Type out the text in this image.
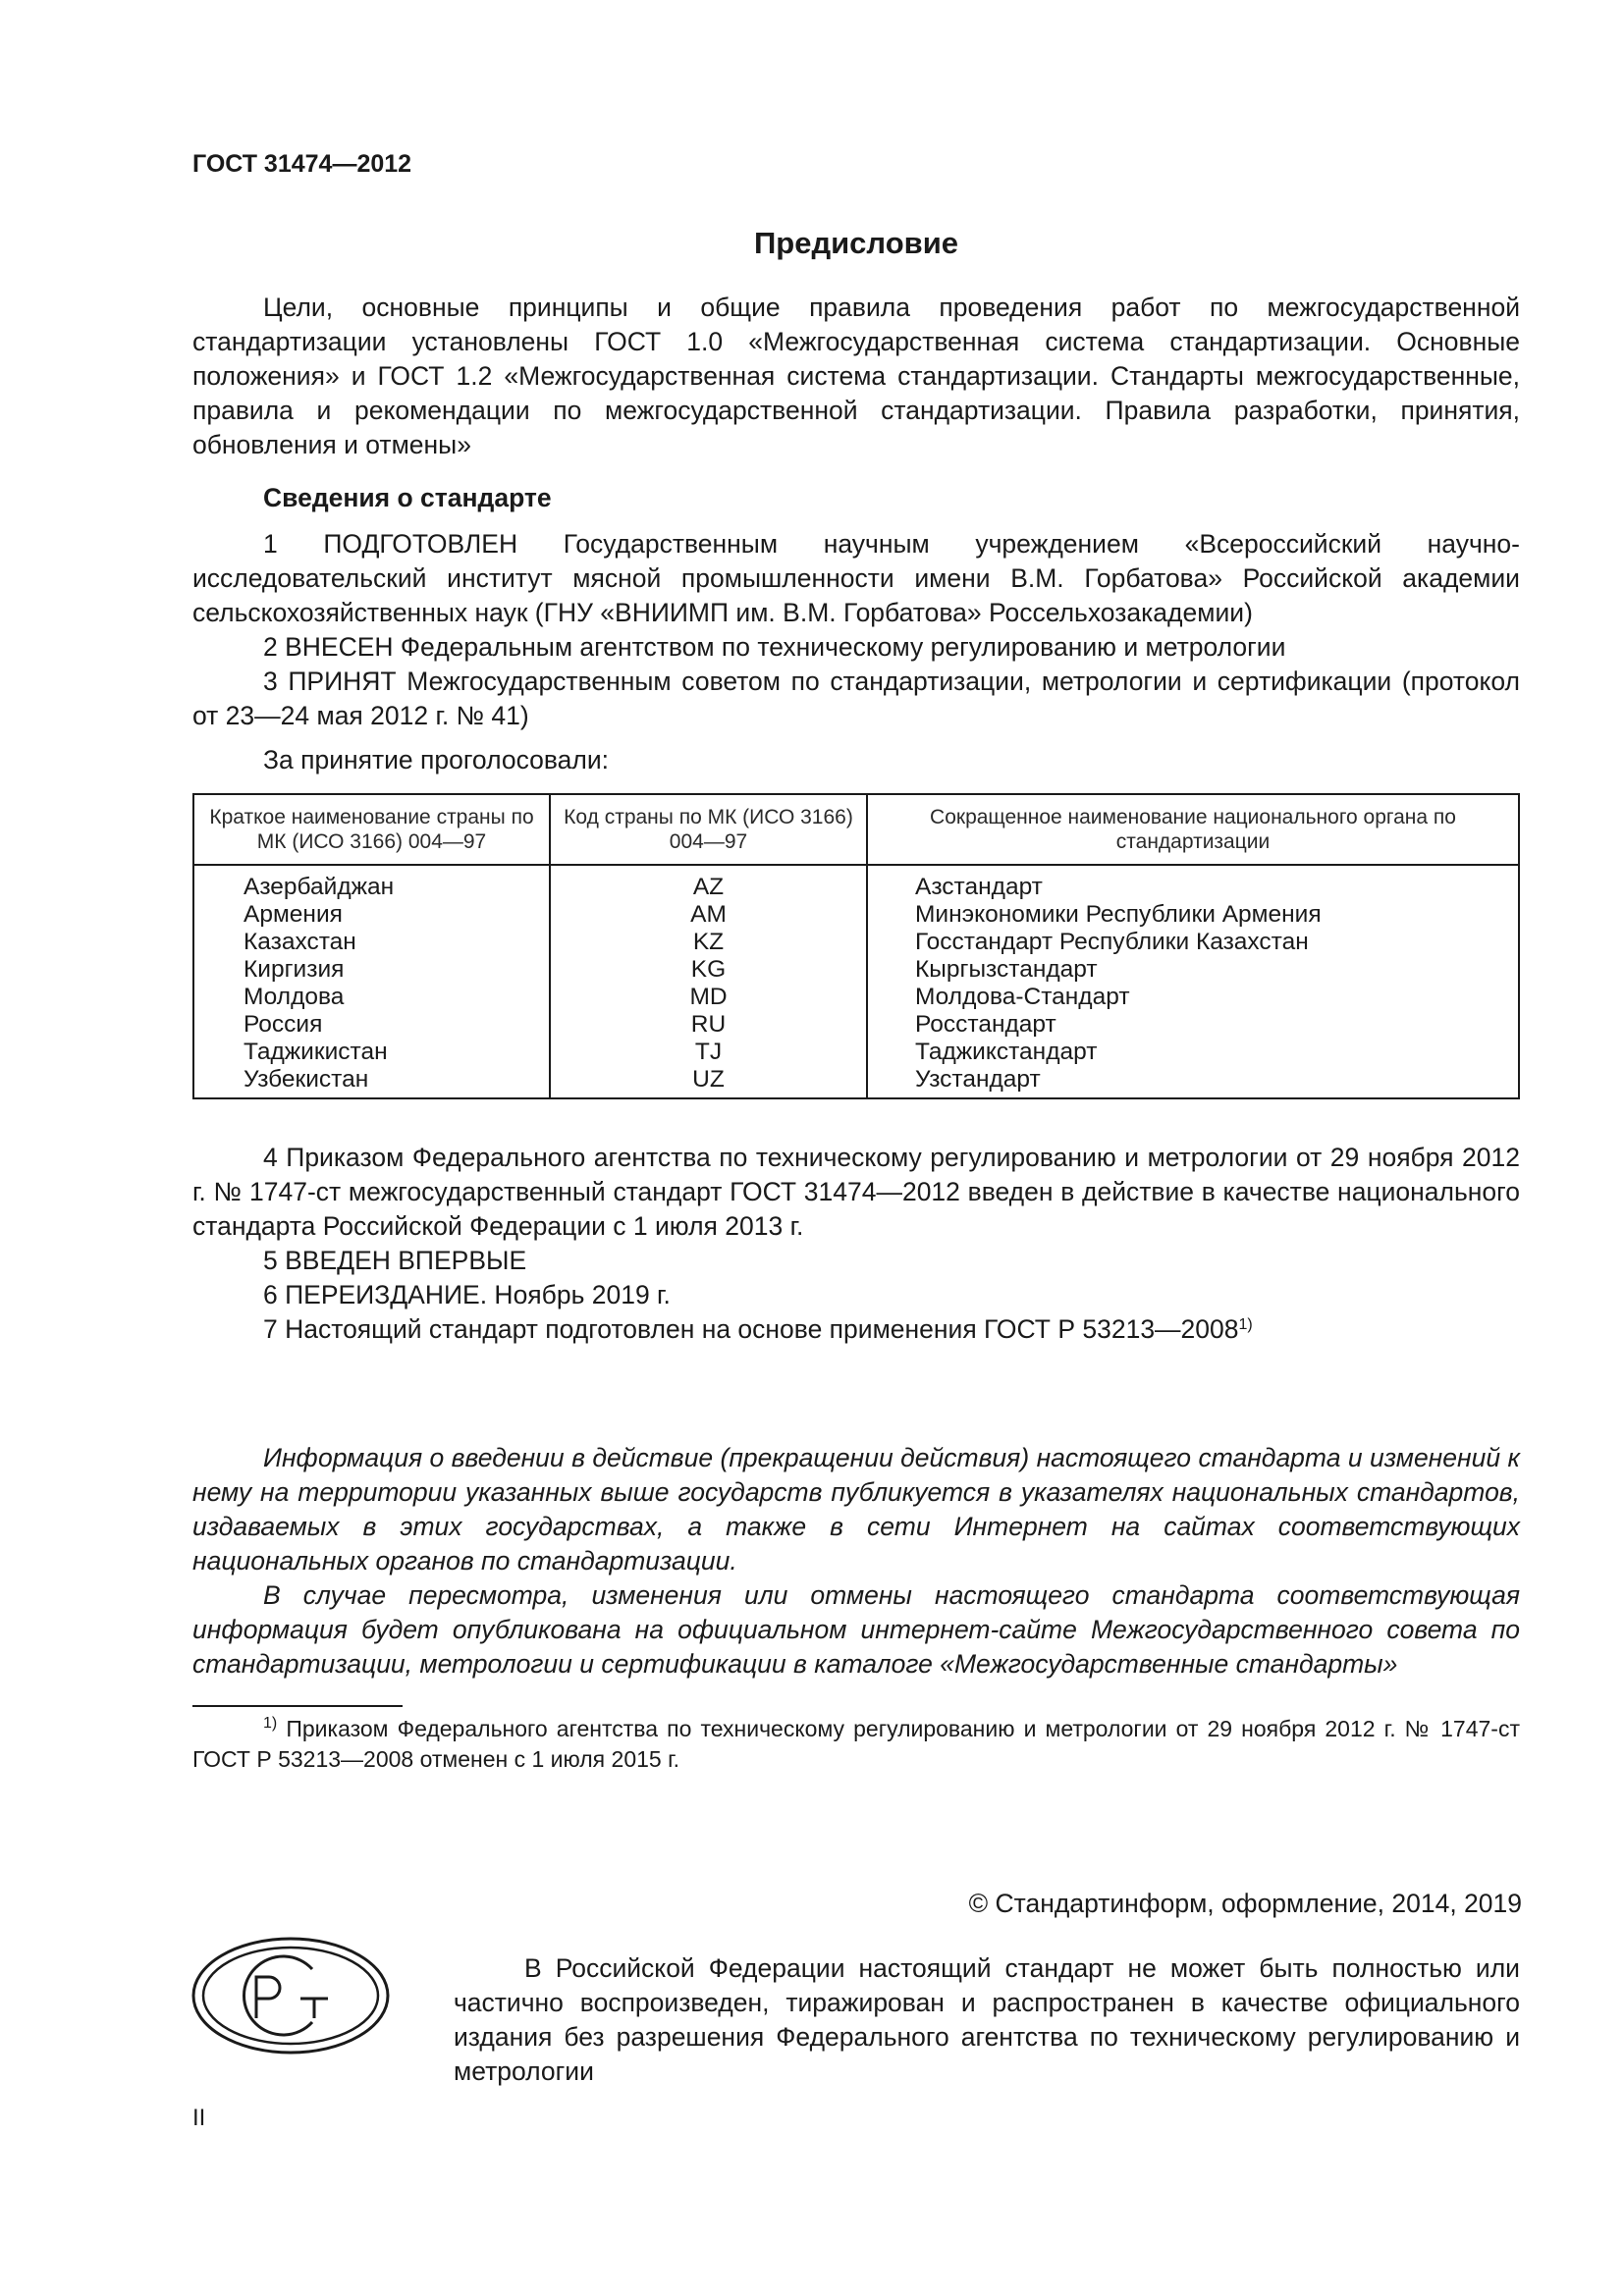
ГОСТ 31474—2012
Предисловие

Цели, основные принципы и общие правила проведения работ по межгосударственной стандартизации установлены ГОСТ 1.0 «Межгосударственная система стандартизации. Основные положения» и ГОСТ 1.2 «Межгосударственная система стандартизации. Стандарты межгосударственные, правила и рекомендации по межгосударственной стандартизации. Правила разработки, принятия, обновления и отмены»

Сведения о стандарте

1 ПОДГОТОВЛЕН Государственным научным учреждением «Всероссийский научно-исследовательский институт мясной промышленности имени В.М. Горбатова» Российской академии сельскохозяйственных наук (ГНУ «ВНИИМП им. В.М. Горбатова» Россельхозакадемии)

2 ВНЕСЕН Федеральным агентством по техническому регулированию и метрологии

3 ПРИНЯТ Межгосударственным советом по стандартизации, метрологии и сертификации (протокол от 23—24 мая 2012 г. № 41)

За принятие проголосовали:
Краткое наименование страны по МК (ИСО 3166) 004—97	Код страны по МК (ИСО 3166) 004—97	Сокращенное наименование национального органа по стандартизации
Азербайджан	AZ	Азстандарт
Армения	AM	Минэкономики Республики Армения
Казахстан	KZ	Госстандарт Республики Казахстан
Киргизия	KG	Кыргызстандарт
Молдова	MD	Молдова-Стандарт
Россия	RU	Росстандарт
Таджикистан	TJ	Таджикстандарт
Узбекистан	UZ	Узстандарт

4 Приказом Федерального агентства по техническому регулированию и метрологии от 29 ноября 2012 г. № 1747-ст межгосударственный стандарт ГОСТ 31474—2012 введен в действие в качестве национального стандарта Российской Федерации с 1 июля 2013 г.

5 ВВЕДЕН ВПЕРВЫЕ
6 ПЕРЕИЗДАНИЕ. Ноябрь 2019 г.
7 Настоящий стандарт подготовлен на основе применения ГОСТ Р 53213—2008$^{1)}$

Информация о введении в действие (прекращении действия) настоящего стандарта и изменений к нему на территории указанных выше государств публикуется в указателях национальных стандартов, издаваемых в этих государствах, а также в сети Интернет на сайтах соответствующих национальных органов по стандартизации.

В случае пересмотра, изменения или отмены настоящего стандарта соответствующая информация будет опубликована на официальном интернет-сайте Межгосударственного совета по стандартизации, метрологии и сертификации в каталоге «Межгосударственные стандарты»

$^{1)}$ Приказом Федерального агентства по техническому регулированию и метрологии от 29 ноября 2012 г. № 1747-ст ГОСТ Р 53213—2008 отменен с 1 июля 2015 г.

© Стандартинформ, оформление, 2014, 2019

В Российской Федерации настоящий стандарт не может быть полностью или частично воспроизведен, тиражирован и распространен в качестве официального издания без разрешения Федерального агентства по техническому регулированию и метрологии

II
